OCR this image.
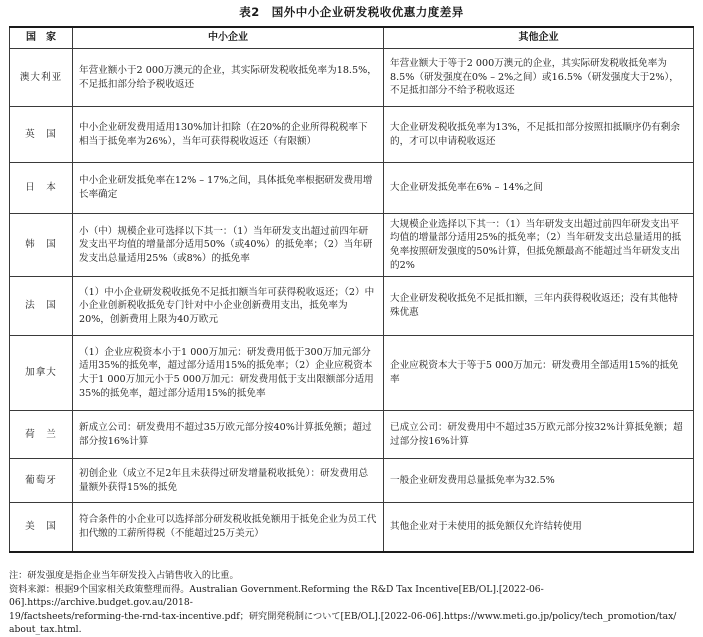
表2　国外中小企业研发税收优惠力度差异
国　家	中小企业	其他企业
澳大利亚	年营业额小于2 000万澳元的企业，其实际研发税收抵免率为18.5%，不足抵扣部分给予税收返还	年营业额大于等于2 000万澳元的企业，其实际研发税收抵免率为8.5%（研发强度在0% – 2%之间）或16.5%（研发强度大于2%），不足抵扣部分不给予税收返还
英　国	中小企业研发费用适用130%加计扣除（在20%的企业所得税税率下相当于抵免率为26%），当年可获得税收返还（有限额）	大企业研发税收抵免率为13%，不足抵扣部分按照扣抵顺序仍有剩余的，才可以申请税收返还
日　本	中小企业研发抵免率在12% – 17%之间，具体抵免率根据研发费用增长率确定	大企业研发抵免率在6% – 14%之间
韩　国	小（中）规模企业可选择以下其一：（1）当年研发支出超过前四年研发支出平均值的增量部分适用50%（或40%）的抵免率；（2）当年研发支出总量适用25%（或8%）的抵免率	大规模企业选择以下其一：（1）当年研发支出超过前四年研发支出平均值的增量部分适用25%的抵免率；（2）当年研发支出总量适用的抵免率按照研发强度的50%计算，但抵免额最高不能超过当年研发支出的2%
法　国	（1）中小企业研发税收抵免不足抵扣额当年可获得税收返还；（2）中小企业创新税收抵免专门针对中小企业创新费用支出，抵免率为20%，创新费用上限为40万欧元	大企业研发税收抵免不足抵扣额，三年内获得税收返还；没有其他特殊优惠
加拿大	（1）企业应税资本小于1 000万加元：研发费用低于300万加元部分适用35%的抵免率，超过部分适用15%的抵免率；（2）企业应税资本大于1 000万加元小于5 000万加元：研发费用低于支出限额部分适用35%的抵免率，超过部分适用15%的抵免率	企业应税资本大于等于5 000万加元：研发费用全部适用15%的抵免率
荷　兰	新成立公司：研发费用不超过35万欧元部分按40%计算抵免额；超过部分按16%计算	已成立公司：研发费用中不超过35万欧元部分按32%计算抵免额；超过部分按16%计算
葡萄牙	初创企业（成立不足2年且未获得过研发增量税收抵免）：研发费用总量额外获得15%的抵免	一般企业研发费用总量抵免率为32.5%
美　国	符合条件的小企业可以选择部分研发税收抵免额用于抵免企业为员工代扣代缴的工薪所得税（不能超过25万美元）	其他企业对于未使用的抵免额仅允许结转使用
注：研发强度是指企业当年研发投入占销售收入的比重。
资料来源：根据9个国家相关政策整理而得。Australian Government.Reforming the R&D Tax Incentive[EB/OL].[2022-06-06].https://archive.budget.gov.au/2018-
19/factsheets/reforming-the-rnd-tax-incentive.pdf；研究開発税制について[EB/OL].[2022-06-06].https://www.meti.go.jp/policy/tech_promotion/tax/
about_tax.html.
